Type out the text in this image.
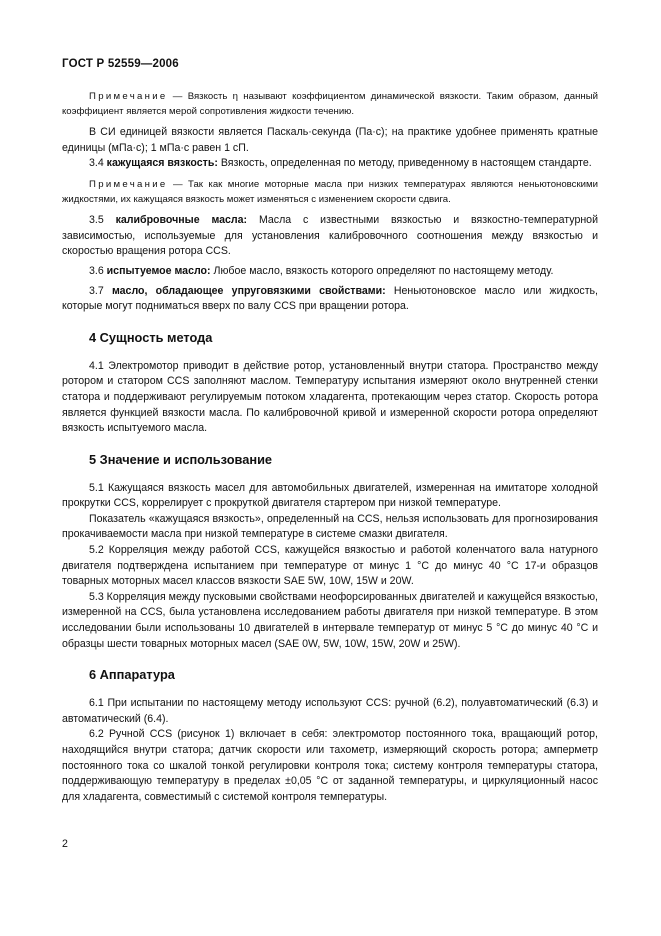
ГОСТ Р 52559—2006

Примечание — Вязкость η называют коэффициентом динамической вязкости. Таким образом, данный коэффициент является мерой сопротивления жидкости течению.

В СИ единицей вязкости является Паскаль·секунда (Па·с); на практике удобнее применять кратные единицы (мПа·с); 1 мПа·с равен 1 сП.

3.4 кажущаяся вязкость: Вязкость, определенная по методу, приведенному в настоящем стандарте.

Примечание — Так как многие моторные масла при низких температурах являются неньютоновскими жидкостями, их кажущаяся вязкость может изменяться с изменением скорости сдвига.

3.5 калибровочные масла: Масла с известными вязкостью и вязкостно-температурной зависимостью, используемые для установления калибровочного соотношения между вязкостью и скоростью вращения ротора CCS.

3.6 испытуемое масло: Любое масло, вязкость которого определяют по настоящему методу.

3.7 масло, обладающее упруговязкими свойствами: Неньютоновское масло или жидкость, которые могут подниматься вверх по валу CCS при вращении ротора.

4 Сущность метода

4.1 Электромотор приводит в действие ротор, установленный внутри статора. Пространство между ротором и статором CCS заполняют маслом. Температуру испытания измеряют около внутренней стенки статора и поддерживают регулируемым потоком хладагента, протекающим через статор. Скорость ротора является функцией вязкости масла. По калибровочной кривой и измеренной скорости ротора определяют вязкость испытуемого масла.

5 Значение и использование

5.1 Кажущаяся вязкость масел для автомобильных двигателей, измеренная на имитаторе холодной прокрутки CCS, коррелирует с прокруткой двигателя стартером при низкой температуре.

Показатель «кажущаяся вязкость», определенный на CCS, нельзя использовать для прогнозирования прокачиваемости масла при низкой температуре в системе смазки двигателя.

5.2 Корреляция между работой CCS, кажущейся вязкостью и работой коленчатого вала натурного двигателя подтверждена испытанием при температуре от минус 1 °С до минус 40 °С 17-и образцов товарных моторных масел классов вязкости SAE 5W, 10W, 15W и 20W.

5.3 Корреляция между пусковыми свойствами неофорсированных двигателей и кажущейся вязкостью, измеренной на CCS, была установлена исследованием работы двигателя при низкой температуре. В этом исследовании были использованы 10 двигателей в интервале температур от минус 5 °С до минус 40 °С и образцы шести товарных моторных масел (SAE 0W, 5W, 10W, 15W, 20W и 25W).

6 Аппаратура

6.1 При испытании по настоящему методу используют CCS: ручной (6.2), полуавтоматический (6.3) и автоматический (6.4).

6.2 Ручной CCS (рисунок 1) включает в себя: электромотор постоянного тока, вращающий ротор, находящийся внутри статора; датчик скорости или тахометр, измеряющий скорость ротора; амперметр постоянного тока со шкалой тонкой регулировки контроля тока; систему контроля температуры статора, поддерживающую температуру в пределах ±0,05 °С от заданной температуры, и циркуляционный насос для хладагента, совместимый с системой контроля температуры.

2
